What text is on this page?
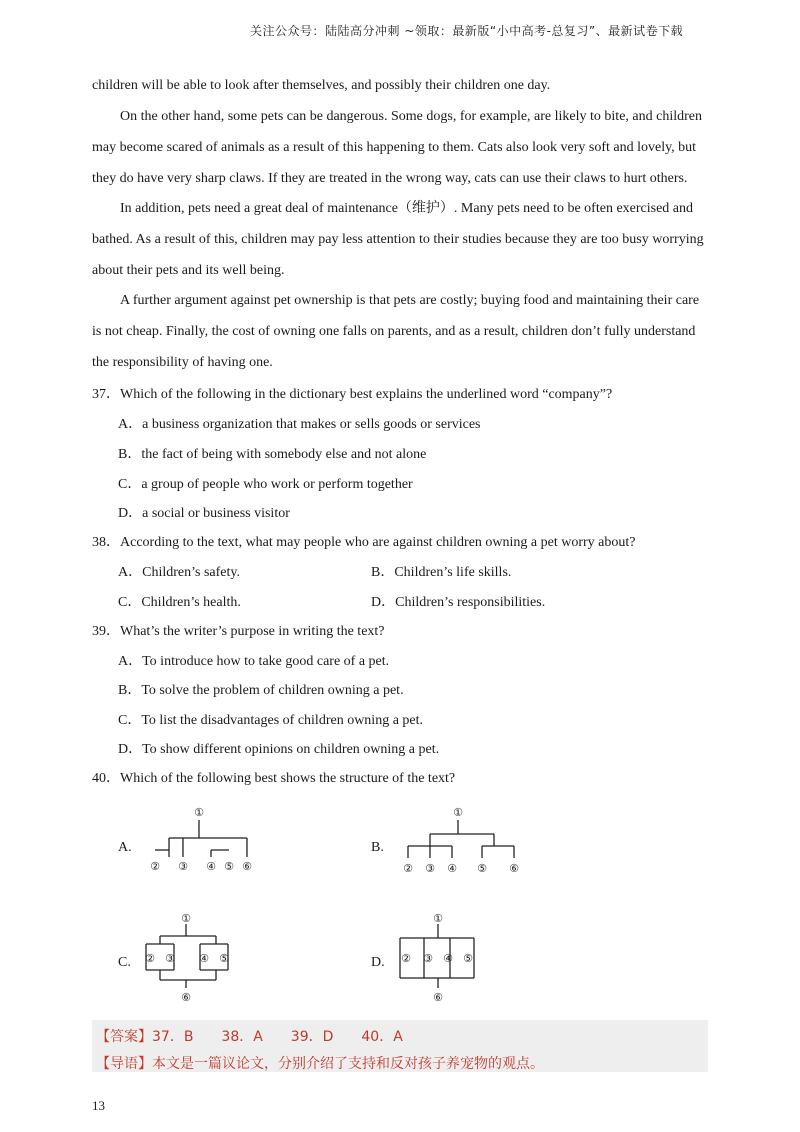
关注公众号：陆陆高分冲刺 ~领取：最新版“小中高考-总复习”、最新试卷下载
children will be able to look after themselves, and possibly their children one day.
On the other hand, some pets can be dangerous. Some dogs, for example, are likely to bite, and children
may become scared of animals as a result of this happening to them. Cats also look very soft and lovely, but
they do have very sharp claws. If they are treated in the wrong way, cats can use their claws to hurt others.
In addition, pets need a great deal of maintenance（维护）. Many pets need to be often exercised and
bathed. As a result of this, children may pay less attention to their studies because they are too busy worrying
about their pets and its well being.
A further argument against pet ownership is that pets are costly; buying food and maintaining their care
is not cheap. Finally, the cost of owning one falls on parents, and as a result, children don’t fully understand
the responsibility of having one.
37．Which of the following in the dictionary best explains the underlined word “company”?
A．a business organization that makes or sells goods or services
B．the fact of being with somebody else and not alone
C．a group of people who work or perform together
D．a social or business visitor
38．According to the text, what may people who are against children owning a pet worry about?
A．Children’s safety.	B．Children’s life skills.
C．Children’s health.	D．Children’s responsibilities.
39．What’s the writer’s purpose in writing the text?
A．To introduce how to take good care of a pet.
B．To solve the problem of children owning a pet.
C．To list the disadvantages of children owning a pet.
D．To show different opinions on children owning a pet.
40．Which of the following best shows the structure of the text?
A.
①
② ③ ④ ⑤ ⑥
B.
①
② ③ ④ ⑤ ⑥
C.
①
② ③ ④ ⑤
⑥
D.
①
② ③ ④ ⑤
⑥
【答案】37．B　　38．A　　39．D　　40．A
【导语】本文是一篇议论文，分别介绍了支持和反对孩子养宠物的观点。
13
